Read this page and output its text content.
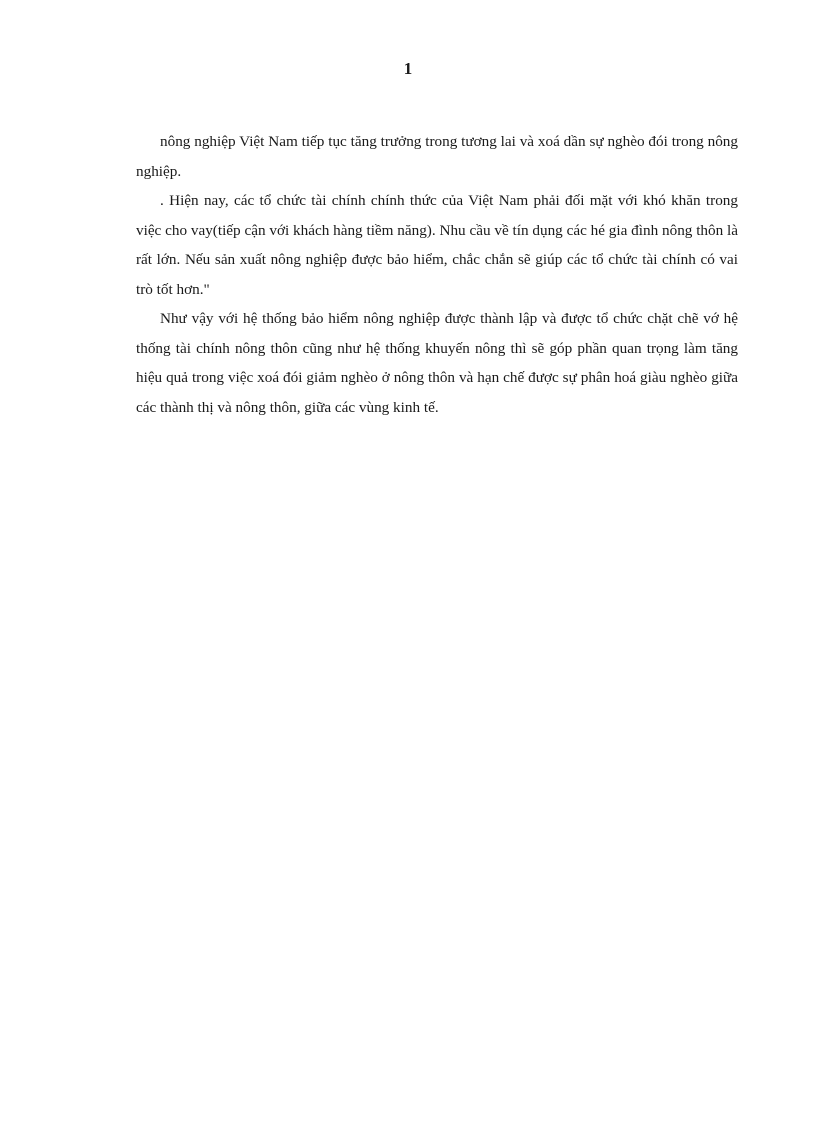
1

nông nghiệp Việt Nam tiếp tục tăng trưởng trong tương lai và xoá dần sự nghèo đói trong nông nghiệp.

. Hiện nay, các tổ chức tài chính chính thức của Việt Nam phải đối mặt với khó khăn trong việc cho vay(tiếp cận với khách hàng tiềm năng). Nhu cầu về tín dụng các hé gia đình nông thôn là rất lớn. Nếu sản xuất nông nghiệp được bảo hiểm, chắc chắn sẽ giúp các tổ chức tài chính có vai trò tốt hơn."

Như vậy với hệ thống bảo hiểm nông nghiệp được thành lập và được tổ chức chặt chẽ vớ hệ thống tài chính nông thôn cũng như hệ thống khuyến nông thì sẽ góp phần quan trọng làm tăng hiệu quả trong việc xoá đói giảm nghèo ở nông thôn và hạn chế được sự phân hoá giàu nghèo giữa các thành thị và nông thôn, giữa các vùng kinh tế.
